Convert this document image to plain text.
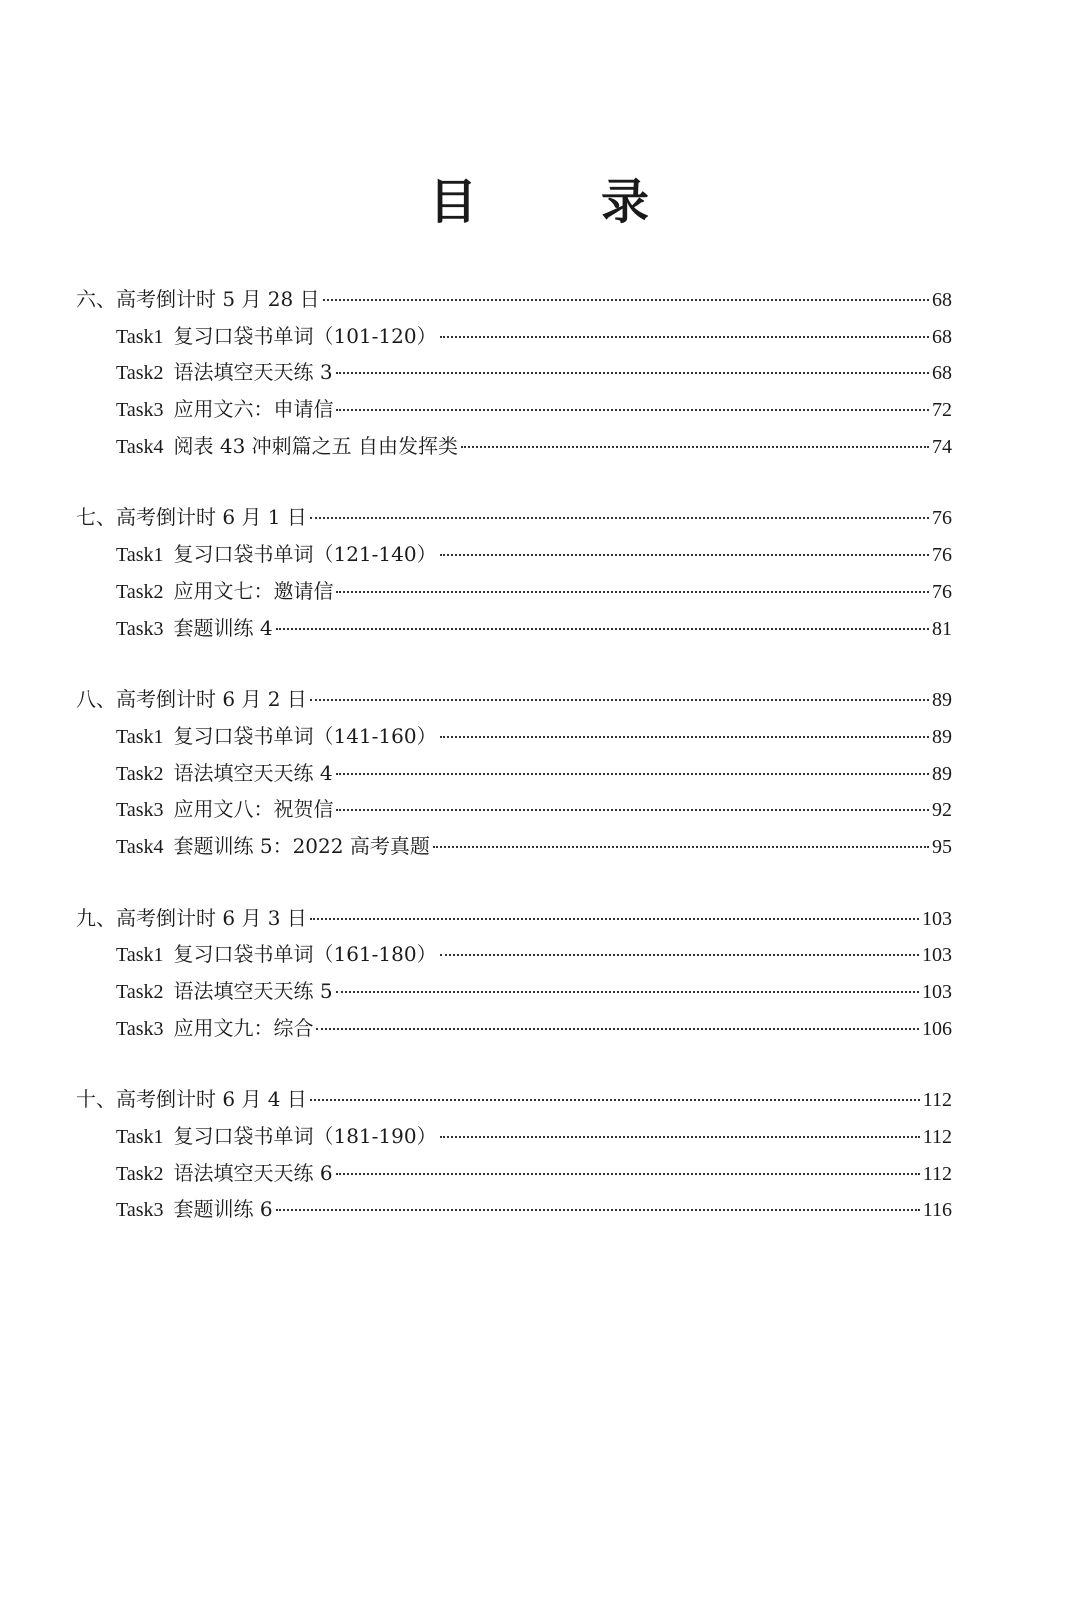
目　录
六、高考倒计时 5 月 28 日	68
Task1 复习口袋书单词（101-120）	68
Task2 语法填空天天练 3	68
Task3 应用文六：申请信	72
Task4 阅表 43 冲刺篇之五 自由发挥类	74
七、高考倒计时 6 月 1 日	76
Task1 复习口袋书单词（121-140）	76
Task2 应用文七：邀请信	76
Task3 套题训练 4	81
八、高考倒计时 6 月 2 日	89
Task1 复习口袋书单词（141-160）	89
Task2 语法填空天天练 4	89
Task3 应用文八：祝贺信	92
Task4 套题训练 5：2022 高考真题	95
九、高考倒计时 6 月 3 日	103
Task1 复习口袋书单词（161-180）	103
Task2 语法填空天天练 5	103
Task3 应用文九：综合	106
十、高考倒计时 6 月 4 日	112
Task1 复习口袋书单词（181-190）	112
Task2 语法填空天天练 6	112
Task3 套题训练 6	116
